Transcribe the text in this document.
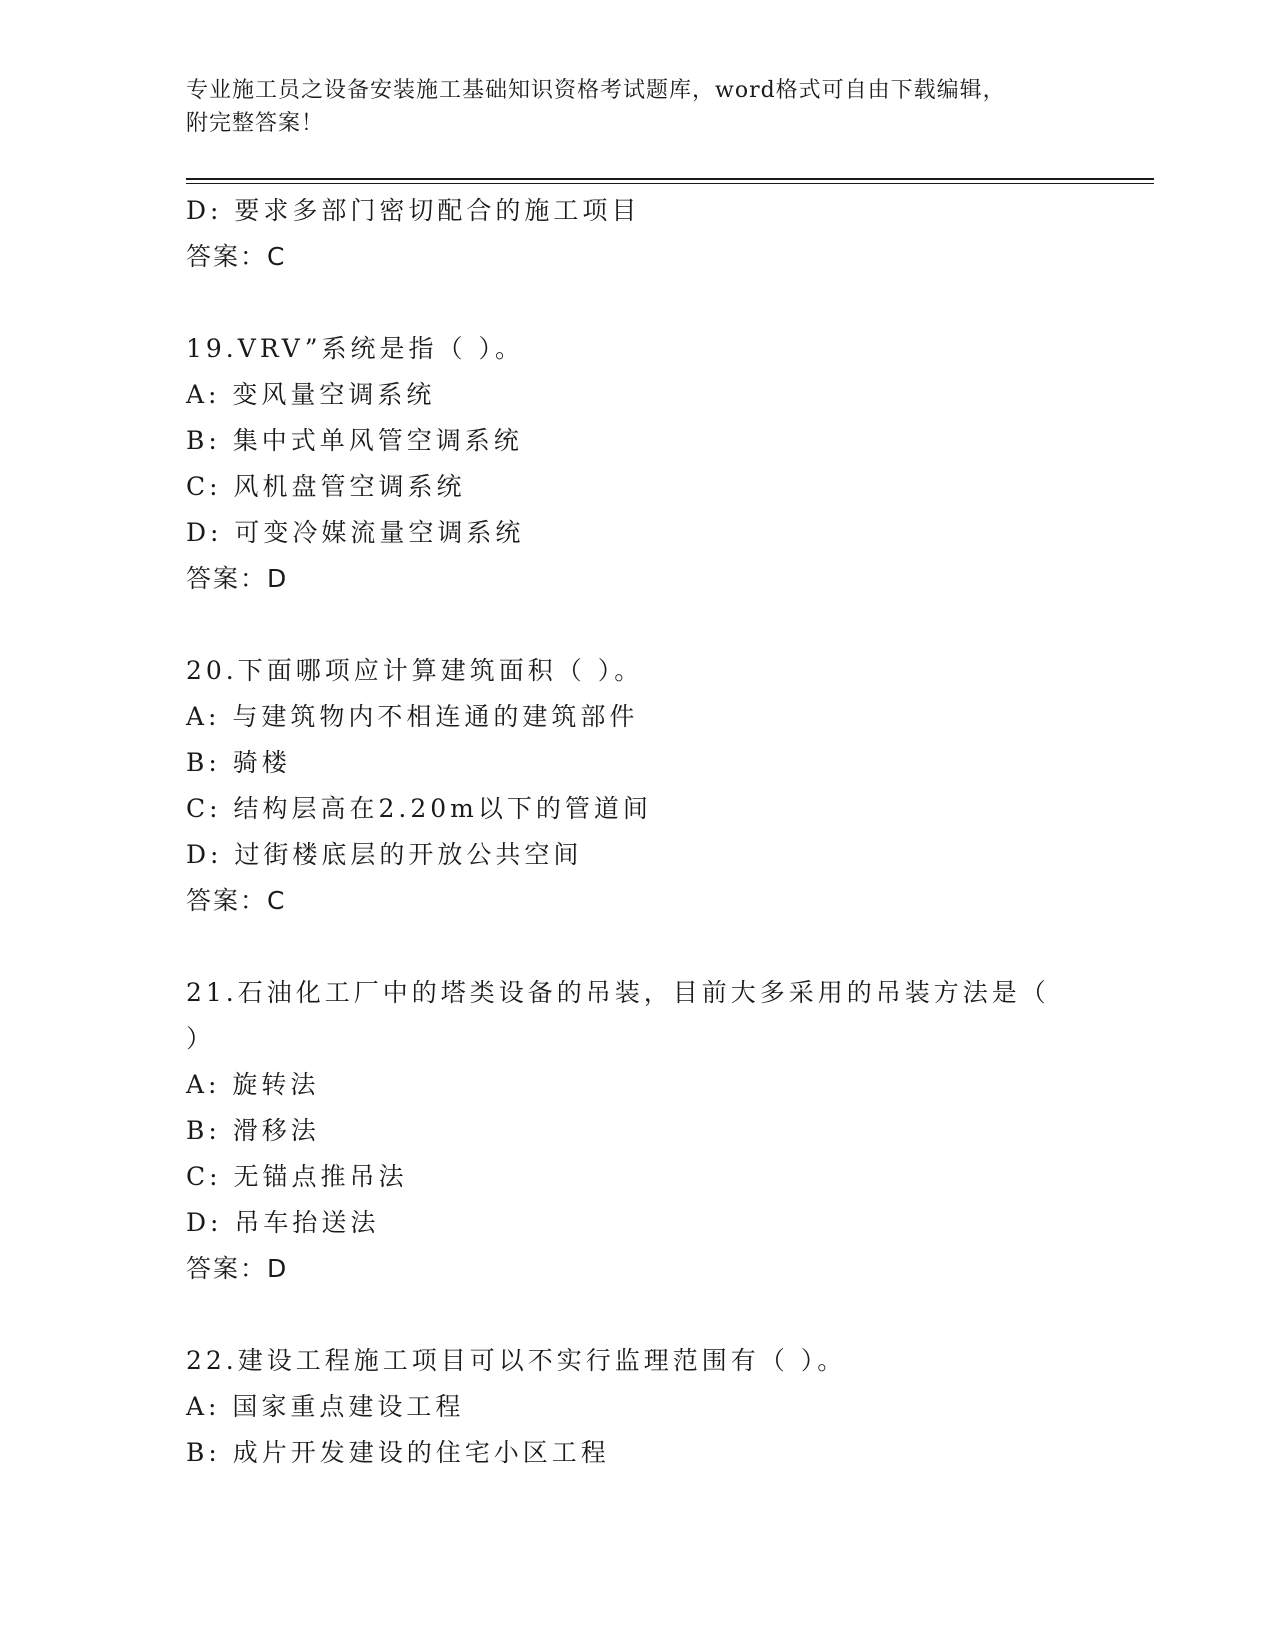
专业施工员之设备安装施工基础知识资格考试题库，word格式可自由下载编辑，
附完整答案！
D: 要求多部门密切配合的施工项目
答案：C
19.VRV”系统是指（ ）。
A: 变风量空调系统
B: 集中式单风管空调系统
C: 风机盘管空调系统
D: 可变冷媒流量空调系统
答案：D
20.下面哪项应计算建筑面积（ ）。
A: 与建筑物内不相连通的建筑部件
B: 骑楼
C: 结构层高在2.20m以下的管道间
D: 过街楼底层的开放公共空间
答案：C
21.石油化工厂中的塔类设备的吊装，目前大多采用的吊装方法是（
）
A: 旋转法
B: 滑移法
C: 无锚点推吊法
D: 吊车抬送法
答案：D
22.建设工程施工项目可以不实行监理范围有（ ）。
A: 国家重点建设工程
B: 成片开发建设的住宅小区工程
